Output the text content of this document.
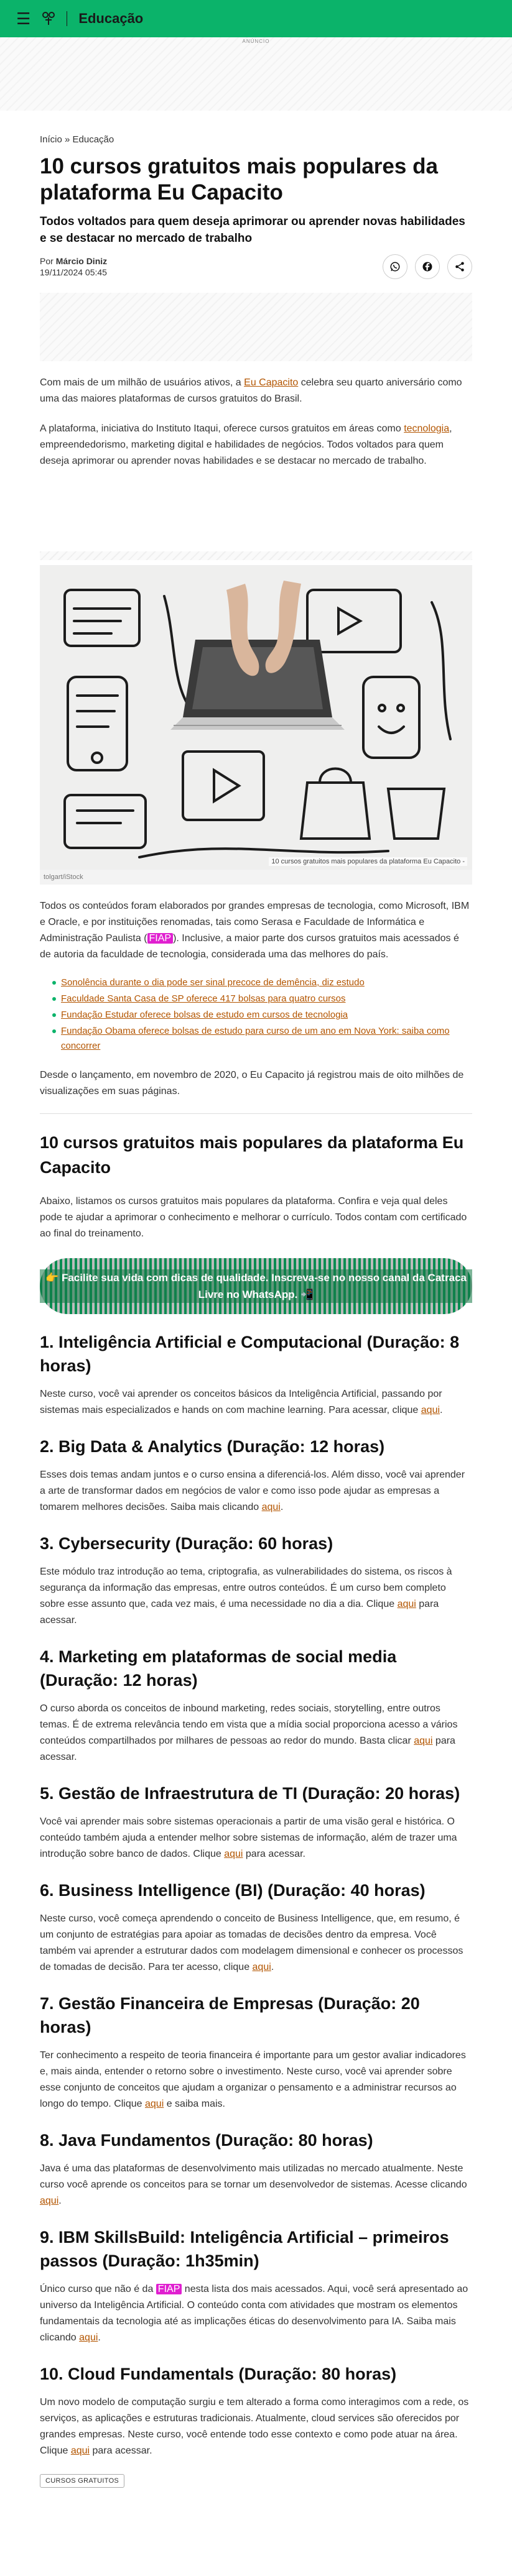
☰	Educação
ANÚNCIO
Início » Educação
10 cursos gratuitos mais populares da plataforma Eu Capacito
Todos voltados para quem deseja aprimorar ou aprender novas habilidades e se destacar no mercado de trabalho
Por Márcio Diniz
19/11/2024 05:45

Com mais de um milhão de usuários ativos, a Eu Capacito celebra seu quarto aniversário como uma das maiores plataformas de cursos gratuitos do Brasil.

A plataforma, iniciativa do Instituto Itaqui, oferece cursos gratuitos em áreas como tecnologia, empreendedorismo, marketing digital e habilidades de negócios. Todos voltados para quem deseja aprimorar ou aprender novas habilidades e se destacar no mercado de trabalho.

10 cursos gratuitos mais populares da plataforma Eu Capacito -
tolgart/iStock

Todos os conteúdos foram elaborados por grandes empresas de tecnologia, como Microsoft, IBM e Oracle, e por instituições renomadas, tais como Serasa e Faculdade de Informática e Administração Paulista ( FIAP ). Inclusive, a maior parte dos cursos gratuitos mais acessados é de autoria da faculdade de tecnologia, considerada uma das melhores do país.

Sonolência durante o dia pode ser sinal precoce de demência, diz estudo
Faculdade Santa Casa de SP oferece 417 bolsas para quatro cursos
Fundação Estudar oferece bolsas de estudo em cursos de tecnologia
Fundação Obama oferece bolsas de estudo para curso de um ano em Nova York: saiba como concorrer

Desde o lançamento, em novembro de 2020, o Eu Capacito já registrou mais de oito milhões de visualizações em suas páginas.

10 cursos gratuitos mais populares da plataforma Eu Capacito

Abaixo, listamos os cursos gratuitos mais populares da plataforma. Confira e veja qual deles pode te ajudar a aprimorar o conhecimento e melhorar o currículo. Todos contam com certificado ao final do treinamento.

👉 Facilite sua vida com dicas de qualidade. Inscreva-se no nosso canal da Catraca Livre no WhatsApp. 📲
1. Inteligência Artificial e Computacional (Duração: 8 horas)

Neste curso, você vai aprender os conceitos básicos da Inteligência Artificial, passando por sistemas mais especializados e hands on com machine learning. Para acessar, clique aqui.

2. Big Data & Analytics (Duração: 12 horas)

Esses dois temas andam juntos e o curso ensina a diferenciá-los. Além disso, você vai aprender a arte de transformar dados em negócios de valor e como isso pode ajudar as empresas a tomarem melhores decisões. Saiba mais clicando aqui.

3. Cybersecurity (Duração: 60 horas)

Este módulo traz introdução ao tema, criptografia, as vulnerabilidades do sistema, os riscos à segurança da informação das empresas, entre outros conteúdos. É um curso bem completo sobre esse assunto que, cada vez mais, é uma necessidade no dia a dia. Clique aqui para acessar.

4. Marketing em plataformas de social media (Duração: 12 horas)

O curso aborda os conceitos de inbound marketing, redes sociais, storytelling, entre outros temas. É de extrema relevância tendo em vista que a mídia social proporciona acesso a vários conteúdos compartilhados por milhares de pessoas ao redor do mundo. Basta clicar aqui para acessar.

5. Gestão de Infraestrutura de TI (Duração: 20 horas)

Você vai aprender mais sobre sistemas operacionais a partir de uma visão geral e histórica. O conteúdo também ajuda a entender melhor sobre sistemas de informação, além de trazer uma introdução sobre banco de dados. Clique aqui para acessar.

6. Business Intelligence (BI) (Duração: 40 horas)

Neste curso, você começa aprendendo o conceito de Business Intelligence, que, em resumo, é um conjunto de estratégias para apoiar as tomadas de decisões dentro da empresa. Você também vai aprender a estruturar dados com modelagem dimensional e conhecer os processos de tomadas de decisão. Para ter acesso, clique aqui.

7. Gestão Financeira de Empresas (Duração: 20 horas)

Ter conhecimento a respeito de teoria financeira é importante para um gestor avaliar indicadores e, mais ainda, entender o retorno sobre o investimento. Neste curso, você vai aprender sobre esse conjunto de conceitos que ajudam a organizar o pensamento e a administrar recursos ao longo do tempo. Clique aqui e saiba mais.

8. Java Fundamentos (Duração: 80 horas)

Java é uma das plataformas de desenvolvimento mais utilizadas no mercado atualmente. Neste curso você aprende os conceitos para se tornar um desenvolvedor de sistemas. Acesse clicando aqui.

9. IBM SkillsBuild: Inteligência Artificial – primeiros passos (Duração: 1h35min)

Único curso que não é da FIAP nesta lista dos mais acessados. Aqui, você será apresentado ao universo da Inteligência Artificial. O conteúdo conta com atividades que mostram os elementos fundamentais da tecnologia até as implicações éticas do desenvolvimento para IA. Saiba mais clicando aqui.

10. Cloud Fundamentals (Duração: 80 horas)

Um novo modelo de computação surgiu e tem alterado a forma como interagimos com a rede, os serviços, as aplicações e estruturas tradicionais. Atualmente, cloud services são oferecidos por grandes empresas. Neste curso, você entende todo esse contexto e como pode atuar na área. Clique aqui para acessar.

CURSOS GRATUITOS
